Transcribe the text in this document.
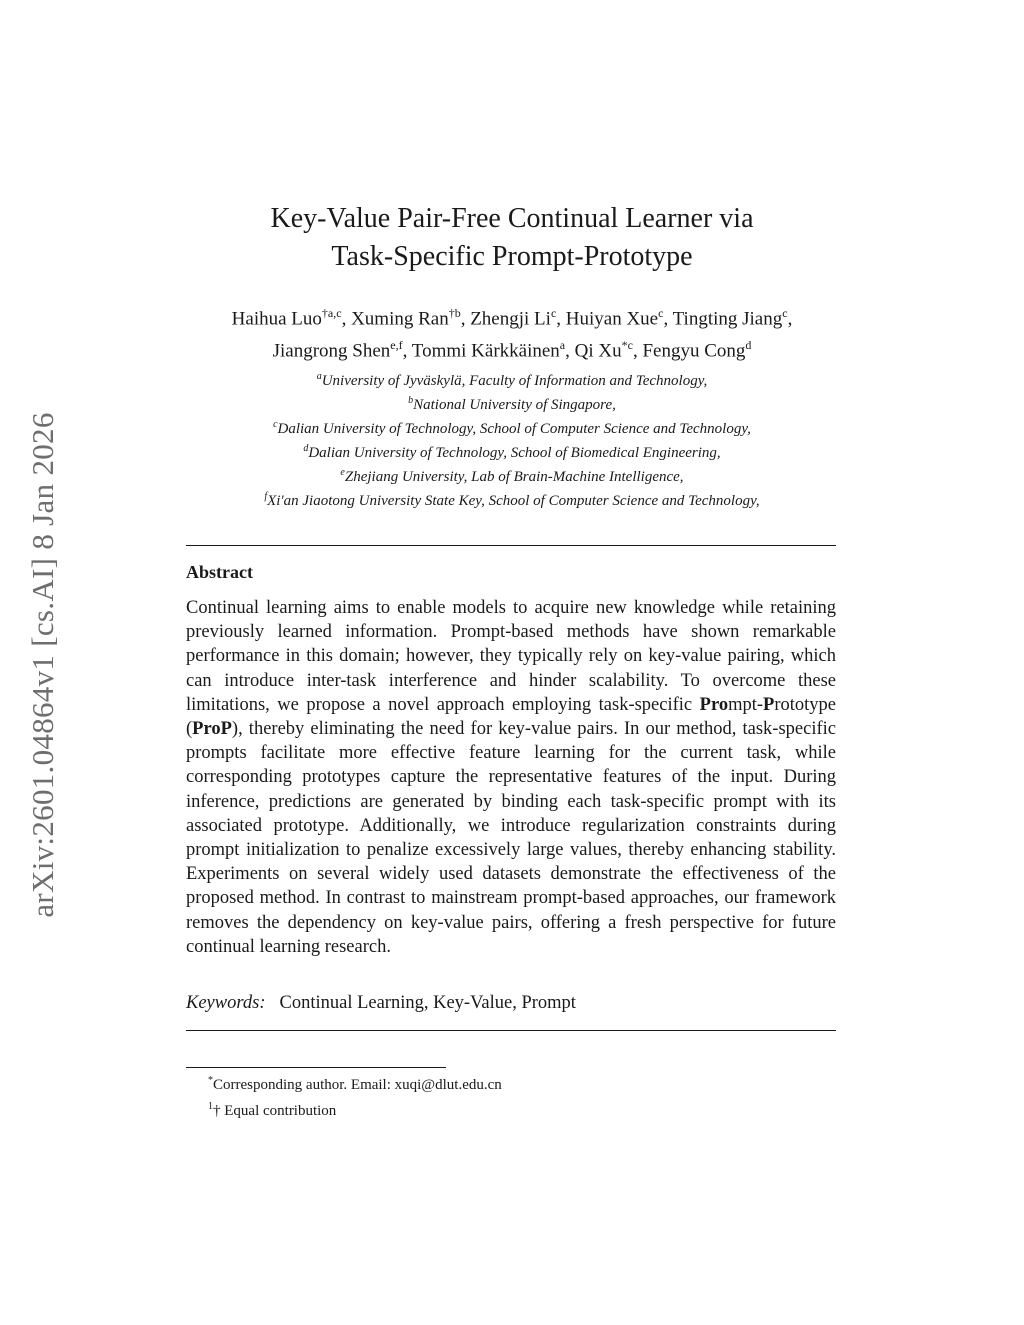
arXiv:2601.04864v1 [cs.AI] 8 Jan 2026
Key-Value Pair-Free Continual Learner via
Task-Specific Prompt-Prototype
Haihua Luo$^{\dagger a,c}$, Xuming Ran$^{\dagger b}$, Zhengji Li$^c$, Huiyan Xue$^c$, Tingting Jiang$^c$,
Jiangrong Shen$^{e,f}$, Tommi Kärkkäinen$^a$, Qi Xu$^{*c}$, Fengyu Cong$^d$
$^a$University of Jyväskylä, Faculty of Information and Technology,
$^b$National University of Singapore,
$^c$Dalian University of Technology, School of Computer Science and Technology,
$^d$Dalian University of Technology, School of Biomedical Engineering,
$^e$Zhejiang University, Lab of Brain-Machine Intelligence,
$^f$Xi'an Jiaotong University State Key, School of Computer Science and Technology,
Abstract
Continual learning aims to enable models to acquire new knowledge while retaining previously learned information. Prompt-based methods have shown remarkable performance in this domain; however, they typically rely on key-value pairing, which can introduce inter-task interference and hinder scalability. To overcome these limitations, we propose a novel approach employing task-specific Prompt-Prototype (ProP), thereby eliminating the need for key-value pairs. In our method, task-specific prompts facilitate more effective feature learning for the current task, while corresponding prototypes capture the representative features of the input. During inference, predictions are generated by binding each task-specific prompt with its associated prototype. Additionally, we introduce regularization constraints during prompt initialization to penalize excessively large values, thereby enhancing stability. Experiments on several widely used datasets demonstrate the effectiveness of the proposed method. In contrast to mainstream prompt-based approaches, our framework removes the dependency on key-value pairs, offering a fresh perspective for future continual learning research.
Keywords: Continual Learning, Key-Value, Prompt
*Corresponding author. Email: xuqi@dlut.edu.cn
$^1$† Equal contribution
